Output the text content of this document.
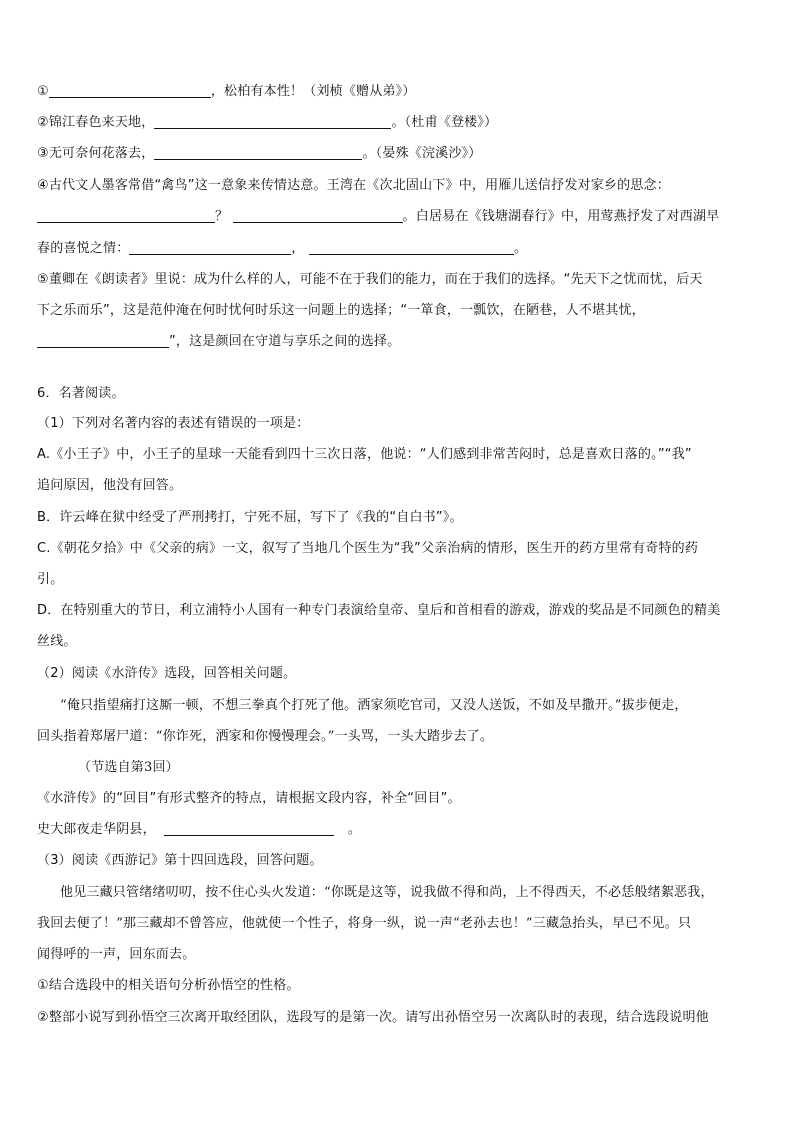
①	，松柏有本性！（刘桢《赠从弟》）
②锦江春色来天地，	。（杜甫《登楼》）
③无可奈何花落去，	。（晏殊《浣溪沙》）
④古代文人墨客常借“禽鸟”这一意象来传情达意。王湾在《次北固山下》中，用雁儿送信抒发对家乡的思念：
？	。白居易在《钱塘湖春行》中，用莺燕抒发了对西湖早
春的喜悦之情：	，	。
⑤董卿在《朗读者》里说：成为什么样的人，可能不在于我们的能力，而在于我们的选择。“先天下之忧而忧，后天
下之乐而乐”，这是范仲淹在何时忧何时乐这一问题上的选择；“一箪食，一瓢饮，在陋巷，人不堪其忧，
”，这是颜回在守道与享乐之间的选择。
6．名著阅读。
（1）下列对名著内容的表述有错误的一项是：
A.《小王子》中，小王子的星球一天能看到四十三次日落，他说：“人们感到非常苦闷时，总是喜欢日落的。”“我”
追问原因，他没有回答。
B．许云峰在狱中经受了严刑拷打，宁死不屈，写下了《我的“自白书”》。
C.《朝花夕拾》中《父亲的病》一文，叙写了当地几个医生为“我”父亲治病的情形，医生开的药方里常有奇特的药
引。
D．在特别重大的节日，利立浦特小人国有一种专门表演给皇帝、皇后和首相看的游戏，游戏的奖品是不同颜色的精美
丝线。
（2）阅读《水浒传》选段，回答相关问题。
“俺只指望痛打这厮一顿，不想三拳真个打死了他。洒家须吃官司，又没人送饭，不如及早撒开。”拔步便走，
回头指着郑屠尸道：“你诈死，洒家和你慢慢理会。”一头骂，一头大踏步去了。
（节选自第3回）
《水浒传》的“回目”有形式整齐的特点，请根据文段内容，补全“回目”。
史大郎夜走华阴县，	。
（3）阅读《西游记》第十四回选段，回答问题。
他见三藏只管绪绪叨叨，按不住心头火发道：“你既是这等，说我做不得和尚，上不得西天，不必恁般绪絮恶我，
我回去便了！”那三藏却不曾答应，他就使一个性子，将身一纵，说一声“老孙去也！”三藏急抬头，早已不见。只
闻得呼的一声，回东而去。
①结合选段中的相关语句分析孙悟空的性格。
②整部小说写到孙悟空三次离开取经团队，选段写的是第一次。请写出孙悟空另一次离队时的表现，结合选段说明他
